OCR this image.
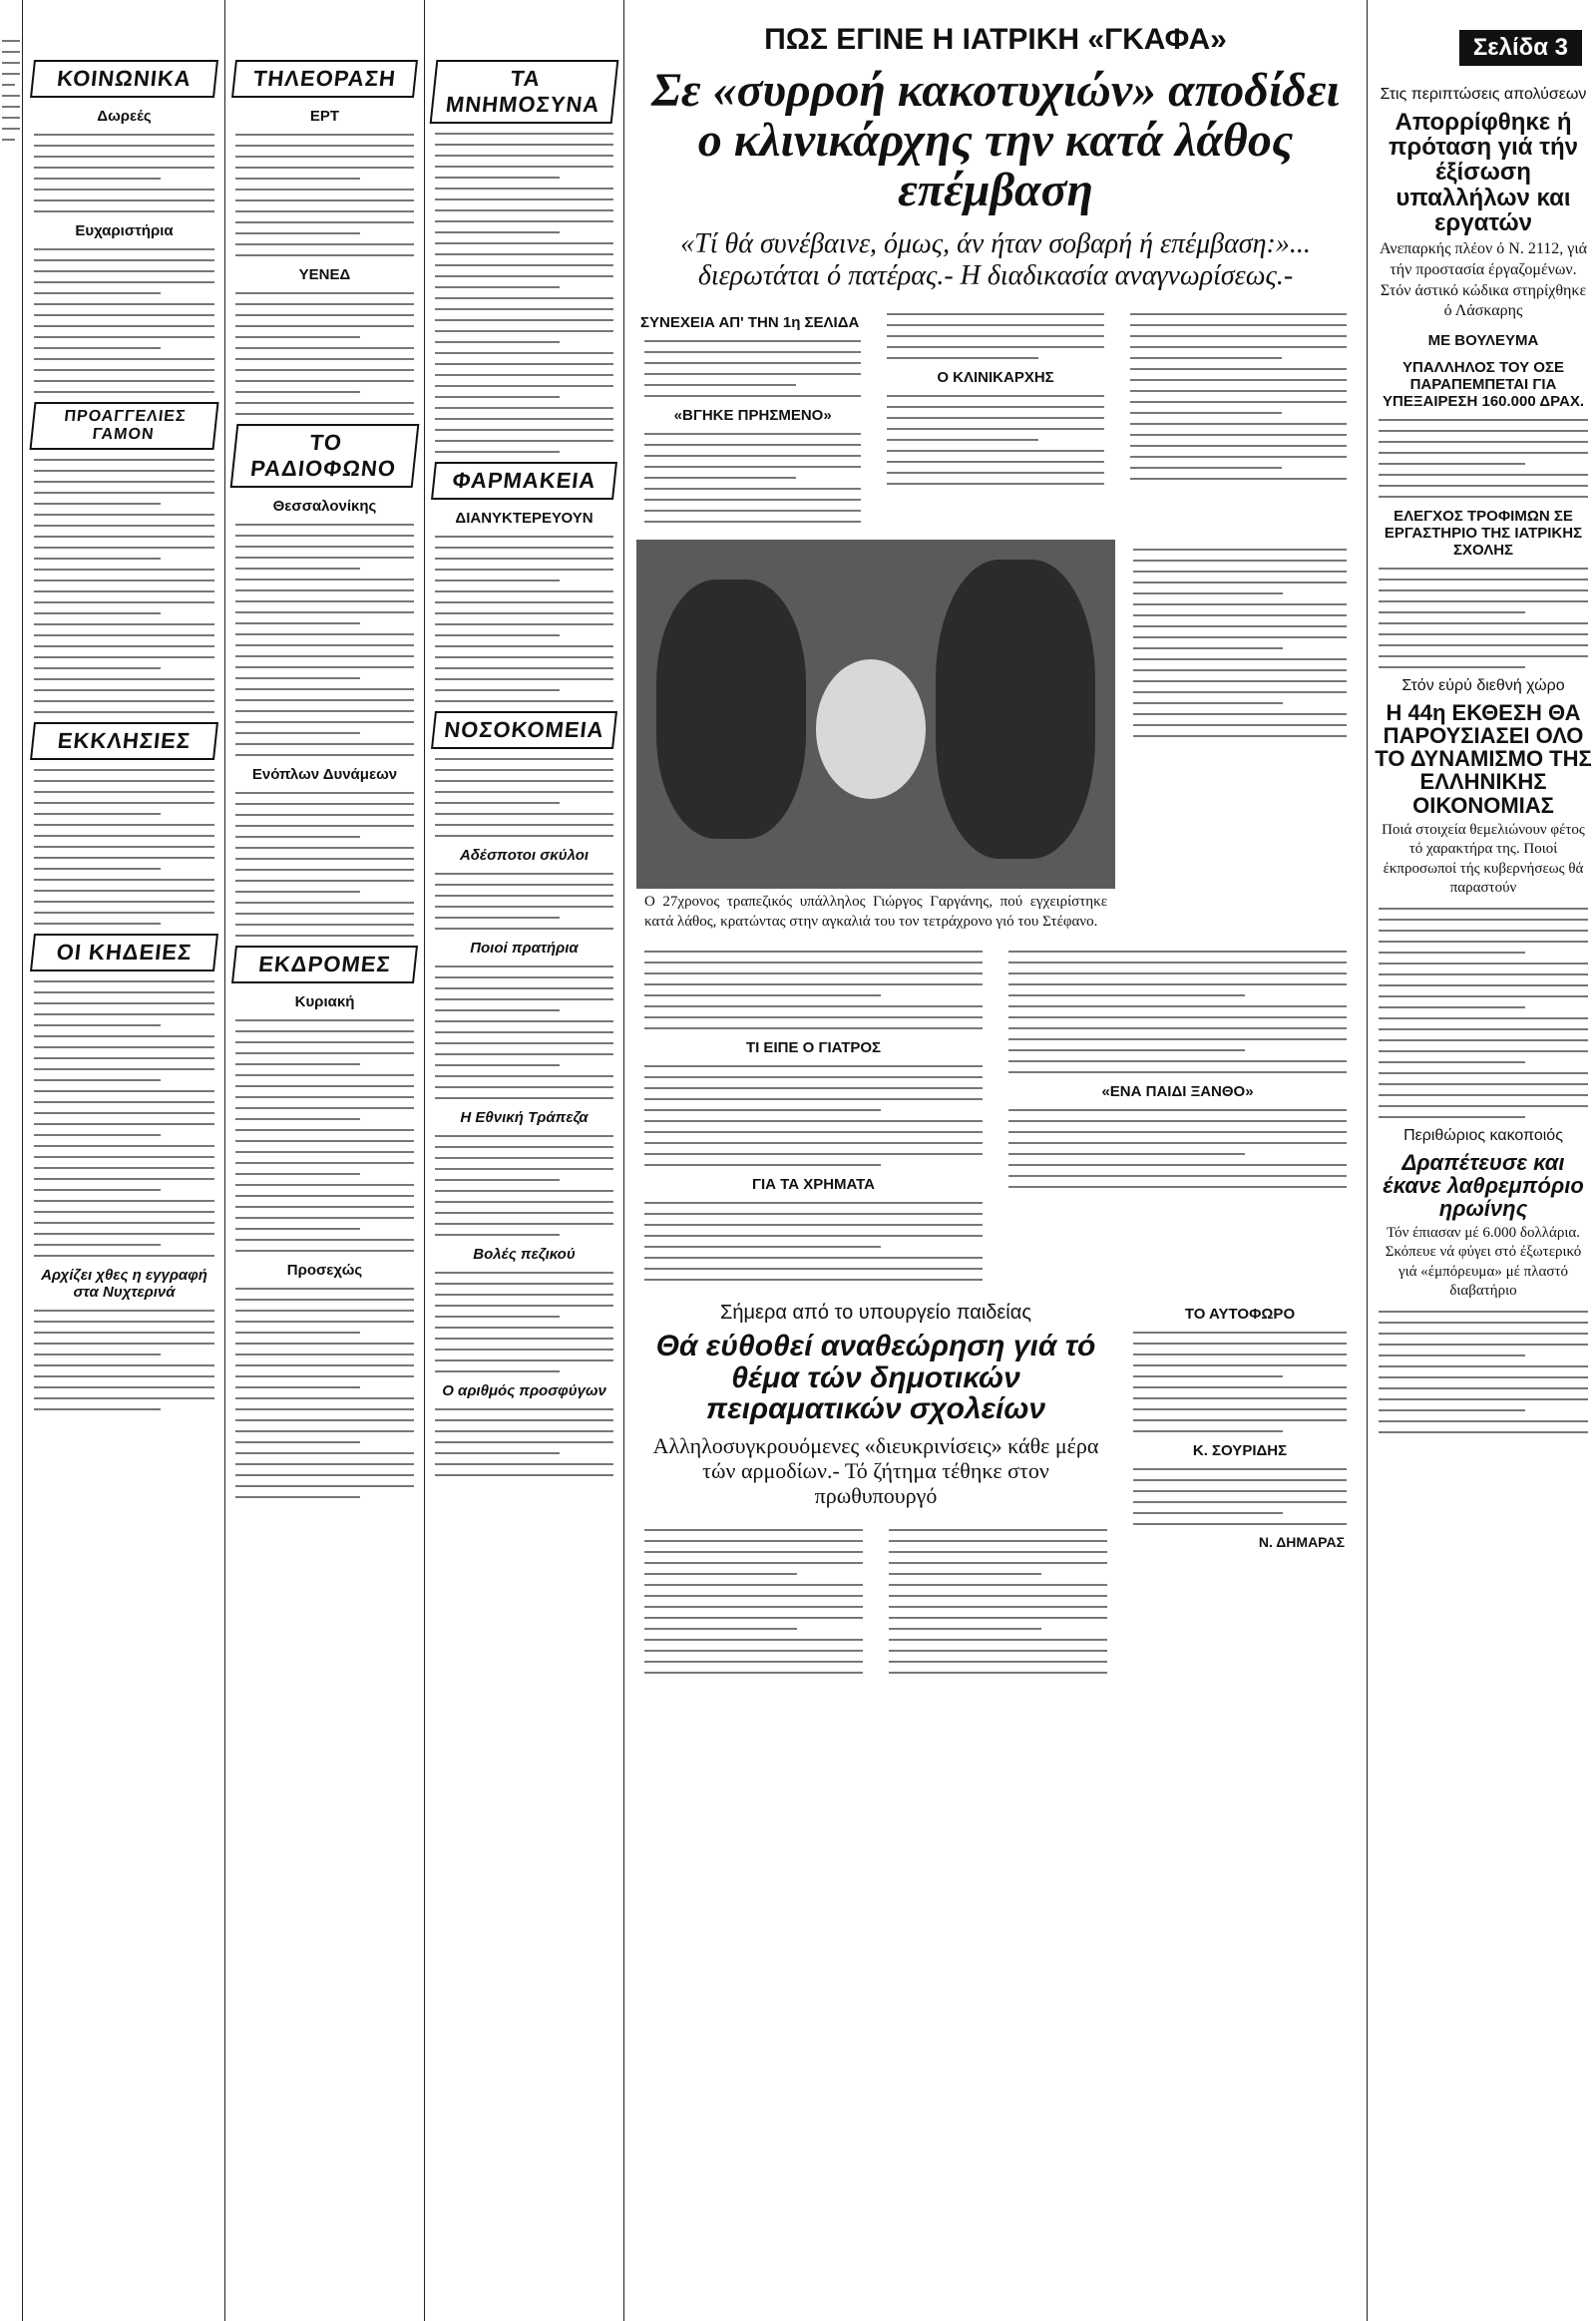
ΚΟΙΝΩΝΙΚΑ
Δωρεές
Ευχαριστήρια
ΠΡΟΑΓΓΕΛΙΕΣ ΓΑΜΟΝ
ΕΚΚΛΗΣΙΕΣ
ΟΙ ΚΗΔΕΙΕΣ
Αρχίζει χθες η εγγραφή στα Νυχτερινά
ΤΗΛΕΟΡΑΣΗ
ΕΡΤ
ΥΕΝΕΔ
ΤΟ ΡΑΔΙΟΦΩΝΟ
Θεσσαλονίκης
Ενόπλων Δυνάμεων
ΕΚΔΡΟΜΕΣ
Κυριακή
Προσεχώς
ΤΑ ΜΝΗΜΟΣΥΝΑ
ΦΑΡΜΑΚΕΙΑ
ΔΙΑΝΥΚΤΕΡΕΥΟΥΝ
ΝΟΣΟΚΟΜΕΙΑ
Αδέσποτοι σκύλοι
Ποιοί πρατήρια
Η Εθνική Τράπεζα
Βολές πεζικού
Ο αριθμός προσφύγων
ΠΩΣ ΕΓΙΝΕ Η ΙΑΤΡΙΚΗ «ΓΚΑΦΑ»
Σε «συρροή κακοτυχιών» αποδίδει ο κλινικάρχης την κατά λάθος επέμβαση
«Τί θά συνέβαινε, όμως, άν ήταν σοβαρή ή επέμβαση:»... διερωτάται ό πατέρας.- Η διαδικασία αναγνωρίσεως.-
ΣΥΝΕΧΕΙΑ ΑΠ' ΤΗΝ 1η ΣΕΛΙΔΑ
«ΒΓΗΚΕ ΠΡΗΣΜΕΝΟ»
Ο ΚΛΙΝΙΚΑΡΧΗΣ
Ο 27χρονος τραπεζικός υπάλληλος Γιώργος Γαργάνης, πού εγχειρίστηκε κατά λάθος, κρατώντας στην αγκαλιά του τον τετράχρονο γιό του Στέφανο.
ΤΙ ΕΙΠΕ Ο ΓΙΑΤΡΟΣ
ΓΙΑ ΤΑ ΧΡΗΜΑΤΑ
«ΕΝΑ ΠΑΙΔΙ ΞΑΝΘΟ»
Σήμερα από το υπουργείο παιδείας
Θά εύθοθεί αναθεώρηση γιά τό θέμα τών δημοτικών πειραματικών σχολείων
Αλληλοσυγκρουόμενες «διευκρινίσεις» κάθε μέρα τών αρμοδίων.- Τό ζήτημα τέθηκε στον πρωθυπουργό
ΤΟ ΑΥΤΟΦΩΡΟ
Κ. ΣΟΥΡΙΔΗΣ
Ν. ΔΗΜΑΡΑΣ
Σελίδα 3
Στις περιπτώσεις απολύσεων
Απορρίφθηκε ή πρόταση γιά τήν έξίσωση υπαλλήλων και εργατών
Ανεπαρκής πλέον ό Ν. 2112, γιά τήν προστασία έργαζομένων. Στόν άστικό κώδικα στηρίχθηκε ό Λάσκαρης
ΜΕ ΒΟΥΛΕΥΜΑ
ΥΠΑΛΛΗΛΟΣ ΤΟΥ ΟΣΕ ΠΑΡΑΠΕΜΠΕΤΑΙ ΓΙΑ ΥΠΕΞΑΙΡΕΣΗ 160.000 ΔΡΑΧ.
ΕΛΕΓΧΟΣ ΤΡΟΦΙΜΩΝ ΣΕ ΕΡΓΑΣΤΗΡΙΟ ΤΗΣ ΙΑΤΡΙΚΗΣ ΣΧΟΛΗΣ
Στόν εύρύ διεθνή χώρο
Η 44η ΕΚΘΕΣΗ ΘΑ ΠΑΡΟΥΣΙΑΣΕΙ ΟΛΟ ΤΟ ΔΥΝΑΜΙΣΜΟ ΤΗΣ ΕΛΛΗΝΙΚΗΣ ΟΙΚΟΝΟΜΙΑΣ
Ποιά στοιχεία θεμελιώνουν φέτος τό χαρακτήρα της. Ποιοί έκπροσωποί τής κυβερνήσεως θά παραστούν
Περιθώριος κακοποιός
Δραπέτευσε και έκανε λαθρεμπόριο ηρωίνης
Τόν έπιασαν μέ 6.000 δολλάρια. Σκόπευε νά φύγει στό έξωτερικό γιά «έμπόρευμα» μέ πλαστό διαβατήριο
